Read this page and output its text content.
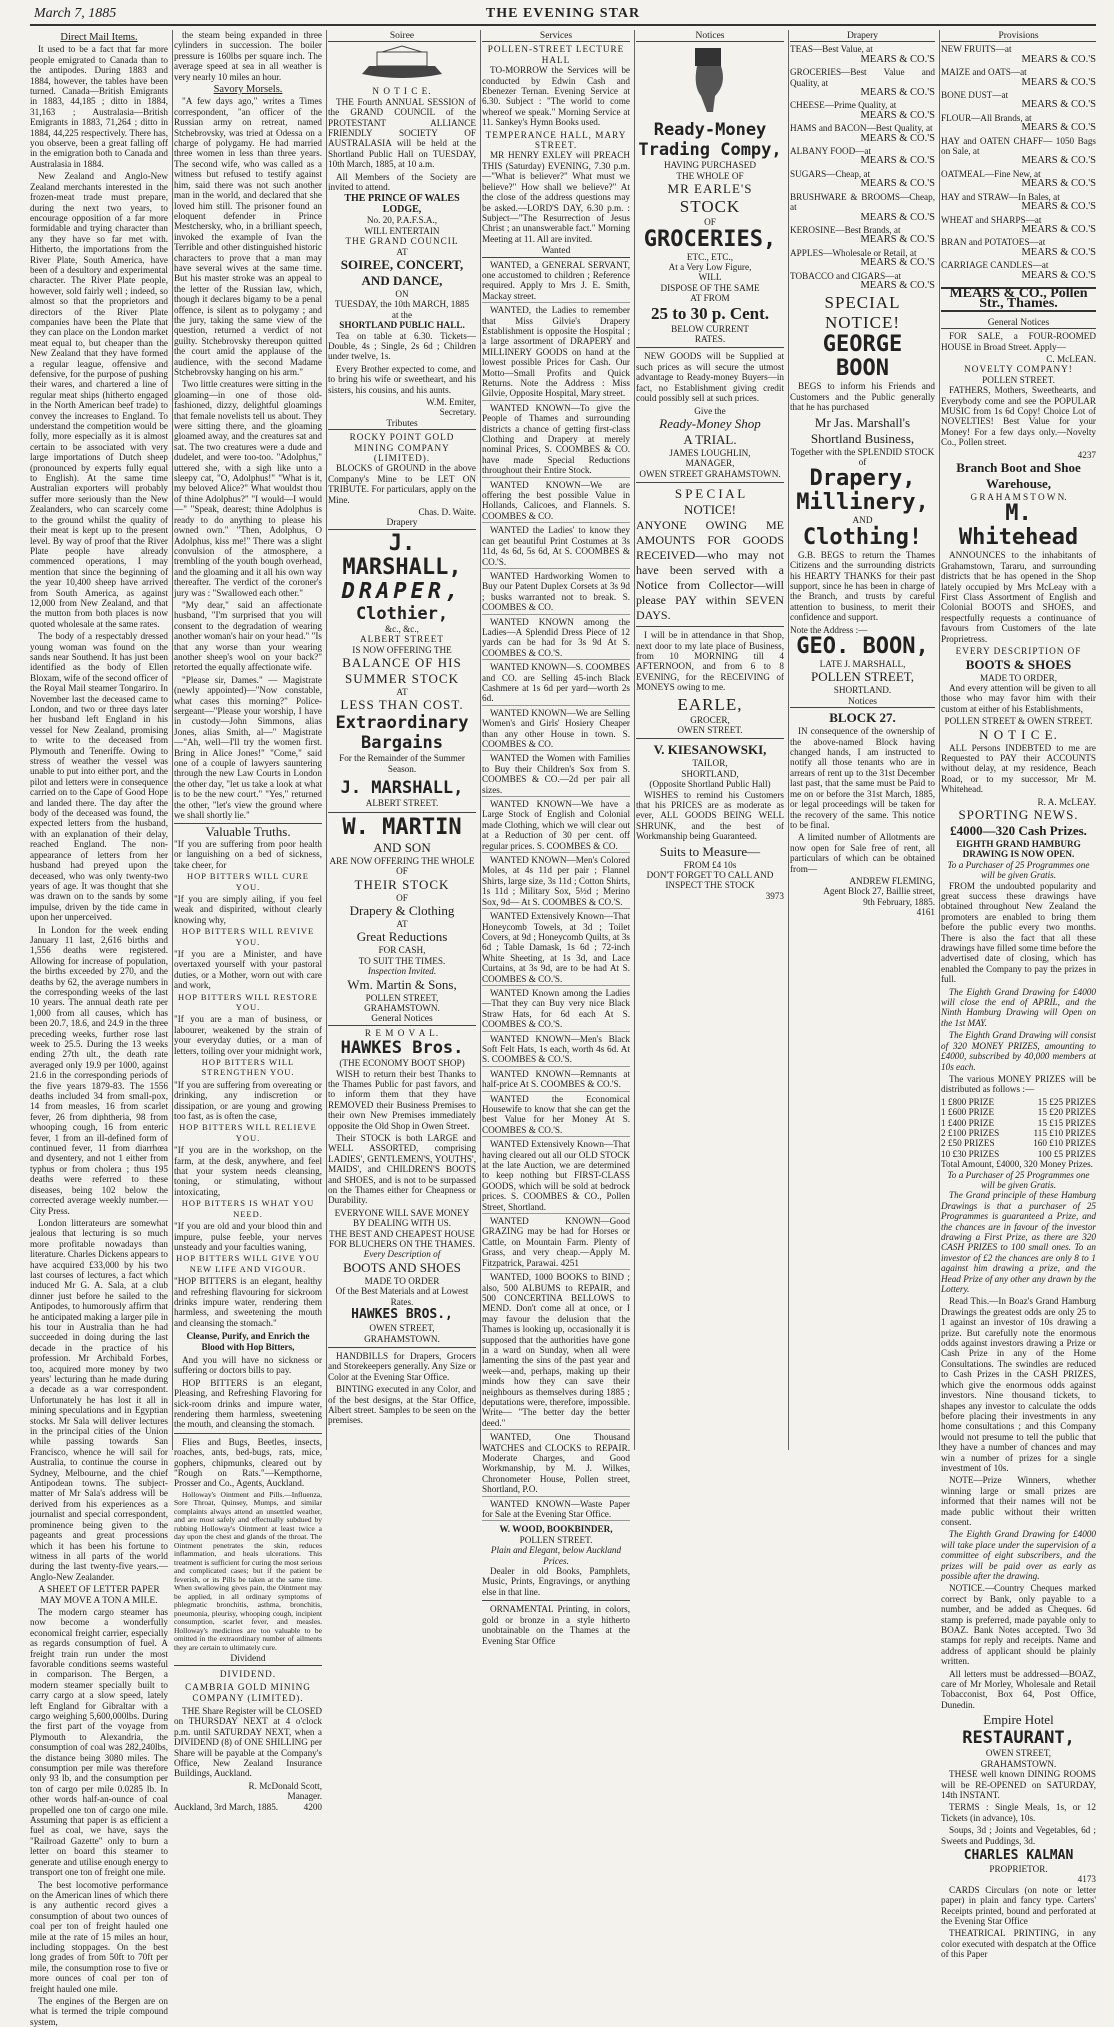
March 7, 1885	THE EVENING STAR
Direct Mail Items.

It used to be a fact that far more people emigrated to Canada than to the antipodes. During 1883 and 1884, however, the tables have been turned. Canada—British Emigrants in 1883, 44,185 ; ditto in 1884, 31,163 ; Australasia—British Emigrants in 1883, 71,264 ; ditto in 1884, 44,225 respectively. There has, you observe, been a great falling off in the emigration both to Canada and Australasia in 1884.

New Zealand and Anglo-New Zealand merchants interested in the frozen-meat trade must prepare, during the next two years, to encourage opposition of a far more formidable and trying character than any they have so far met with. Hitherto, the importations from the River Plate, South America, have been of a desultory and experimental character. The River Plate people, however, sold fairly well ; indeed, so almost so that the proprietors and directors of the River Plate companies have been the Plate that they can place on the London market meat equal to, but cheaper than the New Zealand that they have formed a regular league, offensive and defensive, for the purpose of pushing their wares, and chartered a line of regular meat ships (hitherto engaged in the North American beef trade) to convey the increases to England. To understand the competition would be folly, more especially as it is almost certain to be associated with very large importations of Dutch sheep (pronounced by experts fully equal to English). At the same time Australian exporters will probably suffer more seriously than the New Zealanders, who can scarcely come to the ground whilst the quality of their meat is kept up to the present level. By way of proof that the River Plate people have already commenced operations, I may mention that since the beginning of the year 10,400 sheep have arrived from South America, as against 12,000 from New Zealand, and that the mutton from both places is now quoted wholesale at the same rates.

The body of a respectably dressed young woman was found on the sands near Southend. It has just been identified as the body of Ellen Bloxam, wife of the second officer of the Royal Mail steamer Tongariro. In November last the deceased came to London, and two or three days later her husband left England in his vessel for New Zealand, promising to write to the deceased from Plymouth and Teneriffe. Owing to stress of weather the vessel was unable to put into either port, and the pilot and letters were in consequence carried on to the Cape of Good Hope and landed there. The day after the body of the deceased was found, the expected letters from the husband, with an explanation of their delay, reached England. The non-appearance of letters from her husband had preyed upon the deceased, who was only twenty-two years of age. It was thought that she was drawn on to the sands by some impulse, driven by the tide came in upon her unperceived.

In London for the week ending January 11 last, 2,616 births and 1,556 deaths were registered. Allowing for increase of population, the births exceeded by 270, and the deaths by 62, the average numbers in the corresponding weeks of the last 10 years. The annual death rate per 1,000 from all causes, which has been 20.7, 18.6, and 24.9 in the three preceding weeks, further rose last week to 25.5. During the 13 weeks ending 27th ult., the death rate averaged only 19.9 per 1000, against 21.6 in the corresponding periods of the five years 1879-83. The 1556 deaths included 34 from small-pox, 14 from measles, 16 from scarlet fever, 26 from diphtheria, 98 from whooping cough, 16 from enteric fever, 1 from an ill-defined form of continued fever, 11 from diarrhœa and dysentery, and not 1 either from typhus or from cholera ; thus 195 deaths were referred to these diseases, being 102 below the corrected average weekly number.—City Press.

London litterateurs are somewhat jealous that lecturing is so much more profitable nowadays than literature. Charles Dickens appears to have acquired £33,000 by his two last courses of lectures, a fact which induced Mr G. A. Sala, at a club dinner just before he sailed to the Antipodes, to humorously affirm that he anticipated making a larger pile in his tour in Australia than he had succeeded in doing during the last decade in the practice of his profession. Mr Archibald Forbes, too, acquired more money by two years' lecturing than he made during a decade as a war correspondent. Unfortunately he has lost it all in mining speculations and in Egyptian stocks. Mr Sala will deliver lectures in the principal cities of the Union while passing towards San Francisco, whence he will sail for Australia, to continue the course in Sydney, Melbourne, and the chief Antipodean towns. The subject-matter of Mr Sala's address will be derived from his experiences as a journalist and special correspondent, prominence being given to the pageants and great processions which it has been his fortune to witness in all parts of the world during the last twenty-five years.—Anglo-New Zealander.

A SHEET OF LETTER PAPER MAY MOVE A TON A MILE.

The modern cargo steamer has now become a wonderfully economical freight carrier, especially as regards consumption of fuel. A freight train run under the most favorable conditions seems wasteful in comparison. The Bergen, a modern steamer specially built to carry cargo at a slow speed, lately left England for Gibraltar with a cargo weighing 5,600,000lbs. During the first part of the voyage from Plymouth to Alexandria, the consumption of coal was 282,240lbs, the distance being 3080 miles. The consumption per mile was therefore only 93 lb, and the consumption per ton of cargo per mile 0.0285 lb. In other words half-an-ounce of coal propelled one ton of cargo one mile. Assuming that paper is as efficient a fuel as coal, we have, says the "Railroad Gazette" only to burn a letter on board this steamer to generate and utilise enough energy to transport one ton of freight one mile.

The best locomotive performance on the American lines of which there is any authentic record gives a consumption of about two ounces of coal per ton of freight hauled one mile at the rate of 15 miles an hour, including stoppages. On the best long grades of from 50ft to 70ft per mile, the consumption rose to five or more ounces of coal per ton of freight hauled one mile.

The engines of the Bergen are on what is termed the triple compound system,

the steam being expanded in three cylinders in succession. The boiler pressure is 160lbs per square inch. The average speed at sea in all weather is very nearly 10 miles an hour.

Savory Morsels.

"A few days ago," writes a Times correspondent, "an officer of the Russian army on retreat, named Stchebrovsky, was tried at Odessa on a charge of polygamy. He had married three women in less than three years. The second wife, who was called as a witness but refused to testify against him, said there was not such another man in the world, and declared that she loved him still. The prisoner found an eloquent defender in Prince Mestchersky, who, in a brilliant speech, invoked the example of Ivan the Terrible and other distinguished historic characters to prove that a man may have several wives at the same time. But his master stroke was an appeal to the letter of the Russian law, which, though it declares bigamy to be a penal offence, is silent as to polygamy ; and the jury, taking the same view of the question, returned a verdict of not guilty. Stchebrovsky thereupon quitted the court amid the applause of the audience, with the second Madame Stchebrovsky hanging on his arm."

Two little creatures were sitting in the gloaming—in one of those old-fashioned, dizzy, delightful gloamings that female novelists tell us about. They were sitting there, and the gloaming gloamed away, and the creatures sat and sat. The two creatures were a dude and dudelet, and were too-too. "Adolphus," uttered she, with a sigh like unto a sleepy cat, "O, Adolphus!" "What is it, my beloved Alice?" What wouldst thou of thine Adolphus?" "I would—I would—" "Speak, dearest; thine Adolphus is ready to do anything to please his owned own." "Then, Adolphus, O Adolphus, kiss me!" There was a slight convulsion of the atmosphere, a trembling of the youth bough overhead, and the gloaming and it all his own way thereafter. The verdict of the coroner's jury was : "Swallowed each other."

"My dear," said an affectionate husband, "I'm surprised that you will consent to the degradation of wearing another woman's hair on your head." "Is that any worse than your wearing another sheep's wool on your back?" retorted the equally affectionate wife.

"Please sir, Dames." — Magistrate (newly appointed)—"Now constable, what cases this morning?" Police-sergeant—"Please your worship, I have in custody—John Simmons, alias Jones, alias Smith, al—" Magistrate—"Ah, well—I'll try the women first. Bring in Alice Jones!" "Come," said one of a couple of lawyers sauntering through the new Law Courts in London the other day, "let us take a look at what is to be the new court." "Yes," returned the other, "let's view the ground where we shall shortly lie."

Valuable Truths.
"If you are suffering from poor health or languishing on a bed of sickness, take cheer, for
HOP BITTERS WILL CURE YOU.
"If you are simply ailing, if you feel weak and dispirited, without clearly knowing why,
HOP BITTERS WILL REVIVE YOU.
"If you are a Minister, and have overtaxed yourself with your pastoral duties, or a Mother, worn out with care and work,
HOP BITTERS WILL RESTORE YOU.
"If you are a man of business, or labourer, weakened by the strain of your everyday duties, or a man of letters, toiling over your midnight work,
HOP BITTERS WILL STRENGTHEN YOU.
"If you are suffering from overeating or drinking, any indiscretion or dissipation, or are young and growing too fast, as is often the case,
HOP BITTERS WILL RELIEVE YOU.
"If you are in the workshop, on the farm, at the desk, anywhere, and feel that your system needs cleansing, toning, or stimulating, without intoxicating,
HOP BITTERS IS WHAT YOU NEED.
"If you are old and your blood thin and impure, pulse feeble, your nerves unsteady and your faculties waning,
HOP BITTERS WILL GIVE YOU NEW LIFE AND VIGOUR.
"HOP BITTERS is an elegant, healthy and refreshing flavouring for sickroom drinks impure water, rendering them harmless, and sweetening the mouth and cleansing the stomach."
Cleanse, Purify, and Enrich the Blood with Hop Bitters,

And you will have no sickness or suffering or doctors bills to pay.

HOP BITTERS is an elegant, Pleasing, and Refreshing Flavoring for sick-room drinks and impure water, rendering them harmless, sweetening the mouth, and cleansing the stomach.

Flies and Bugs, Beetles, insects, roaches, ants, bed-bugs, rats, mice, gophers, chipmunks, cleared out by "Rough on Rats."—Kempthorne, Prosser and Co., Agents, Auckland.

Holloway's Ointment and Pills.—Influenza, Sore Throat, Quinsey, Mumps, and similar complaints always attend an unsettled weather, and are most safely and effectually subdued by rubbing Holloway's Ointment at least twice a day upon the chest and glands of the throat. The Ointment penetrates the skin, reduces inflammation, and heals ulcerations. This treatment is sufficient for curing the most serious and complicated cases; but if the patient be feverish, or its Pills be taken at the same time. When swallowing gives pain, the Ointment may be applied, in all ordinary symptoms of phlegmatic bronchitis, asthma, bronchitis, pneumonia, pleurisy, whooping cough, incipient consumption, scarlet fever, and measles. Holloway's medicines are too valuable to be omitted in the extraordinary number of ailments they are certain to ultimately cure.

Dividend
DIVIDEND.
CAMBRIA GOLD MINING COMPANY (LIMITED).

THE Share Register will be CLOSED on THURSDAY NEXT at 4 o'clock p.m. until SATURDAY NEXT, when a DIVIDEND (8) of ONE SHILLING per Share will be payable at the Company's Office, New Zealand Insurance Buildings, Auckland.

R. McDonald Scott,
Manager.
Auckland, 3rd March, 1885.	4200
Soiree
N O T I C E.

THE Fourth ANNUAL SESSION of the GRAND COUNCIL of the PROTESTANT ALLIANCE FRIENDLY SOCIETY OF AUSTRALASIA will be held at the Shortland Public Hall on TUESDAY, 10th March, 1885, at 10 a.m.

All Members of the Society are invited to attend.

THE PRINCE OF WALES LODGE,
No. 20, P.A.F.S.A.,
WILL ENTERTAIN
THE GRAND COUNCIL
AT
SOIREE, CONCERT, AND DANCE,
ON
TUESDAY, the 10th MARCH, 1885
at the
SHORTLAND PUBLIC HALL.

Tea on table at 6.30. Tickets—Double, 4s ; Single, 2s 6d ; Children under twelve, 1s.

Every Brother expected to come, and to bring his wife or sweetheart, and his sisters, his cousins, and his aunts.

W.M. Emiter,
Secretary.
Tributes
ROCKY POINT GOLD MINING COMPANY (LIMITED).

BLOCKS of GROUND in the above Company's Mine to be LET ON TRIBUTE. For particulars, apply on the Mine.

Chas. D. Waite.
Drapery
J. MARSHALL,
DRAPER,
Clothier,
&c., &c.,
ALBERT STREET
IS NOW OFFERING THE
BALANCE OF HIS
SUMMER STOCK
AT
LESS THAN COST.
Extraordinary
Bargains
For the Remainder of the Summer Season.
J. MARSHALL,
ALBERT STREET.
W. MARTIN
AND SON
ARE NOW OFFERING THE WHOLE OF
THEIR STOCK
OF
Drapery & Clothing
AT
Great Reductions
FOR CASH,
TO SUIT THE TIMES.
Inspection Invited.
Wm. Martin & Sons,
POLLEN STREET,
GRAHAMSTOWN.
General Notices
R E M O V A L.
HAWKES Bros.
(THE ECONOMY BOOT SHOP)

WISH to return their best Thanks to the Thames Public for past favors, and to inform them that they have REMOVED their Business Premises to their own New Premises immediately opposite the Old Shop in Owen Street.

Their STOCK is both LARGE and WELL ASSORTED, comprising LADIES', GENTLEMEN'S, YOUTHS', MAIDS', and CHILDREN'S BOOTS and SHOES, and is not to be surpassed on the Thames either for Cheapness or Durability.

EVERYONE WILL SAVE MONEY BY DEALING WITH US.
THE BEST AND CHEAPEST HOUSE FOR BLUCHERS ON THE THAMES.
Every Description of
BOOTS AND SHOES
MADE TO ORDER
Of the Best Materials and at Lowest Rates.
HAWKES BROS.,
OWEN STREET,
GRAHAMSTOWN.

HANDBILLS for Drapers, Grocers and Storekeepers generally. Any Size or Color at the Evening Star Office.

BINTING executed in any Color, and of the best designs, at the Star Office, Albert street. Samples to be seen on the premises.

Services
POLLEN-STREET LECTURE HALL

TO-MORROW the Services will be conducted by Edwin Cash and Ebenezer Ternan. Evening Service at 6.30. Subject : "The world to come whereof we speak." Morning Service at 11. Sankey's Hymn Books used.

TEMPERANCE HALL, MARY STREET.

MR HENRY EXLEY will PREACH THIS (Saturday) EVENING, 7.30 p.m.—"What is believer?" What must we believe?" How shall we believe?" At the close of the address questions may be asked.—LORD'S DAY, 6.30 p.m. : Subject—"The Resurrection of Jesus Christ ; an unanswerable fact." Morning Meeting at 11. All are invited.

Wanted

WANTED, a GENERAL SERVANT, one accustomed to children ; Reference required. Apply to Mrs J. E. Smith, Mackay street.

WANTED, the Ladies to remember that Miss Gilvie's Drapery Establishment is opposite the Hospital ; a large assortment of DRAPERY and MILLINERY GOODS on hand at the lowest possible Prices for Cash. Our Motto—Small Profits and Quick Returns. Note the Address : Miss Gilvie, Opposite Hospital, Mary street.

WANTED KNOWN—To give the People of Thames and surrounding districts a chance of getting first-class Clothing and Drapery at merely nominal Prices, S. COOMBES & CO. have made Special Reductions throughout their Entire Stock.

WANTED KNOWN—We are offering the best possible Value in Hollands, Calicoes, and Flannels. S. COOMBES & CO.

WANTED the Ladies' to know they can get beautiful Print Costumes at 3s 11d, 4s 6d, 5s 6d, At S. COOMBES & CO.'S.

WANTED Hardworking Women to Buy our Patent Duplex Corsets at 3s 9d ; busks warranted not to break. S. COOMBES & CO.

WANTED KNOWN among the Ladies—A Splendid Dress Piece of 12 yards can be had for 3s 9d At S. COOMBES & CO.'S.

WANTED KNOWN—S. COOMBES and CO. are Selling 45-inch Black Cashmere at 1s 6d per yard—worth 2s 6d.

WANTED KNOWN—We are Selling Women's and Girls' Hosiery Cheaper than any other House in town. S. COOMBES & CO.

WANTED the Women with Families to Buy their Children's Sox from S. COOMBES & CO.—2d per pair all sizes.

WANTED KNOWN—We have a Large Stock of English and Colonial made Clothing, which we will clear out at a Reduction of 30 per cent. off regular prices. S. COOMBES & CO.

WANTED KNOWN—Men's Colored Moles, at 4s 11d per pair ; Flannel Shirts, large size, 3s 11d ; Cotton Shirts, 1s 11d ; Military Sox, 5½d ; Merino Sox, 9d— At S. COOMBES & CO.'S.

WANTED Extensively Known—That Honeycomb Towels, at 3d ; Toilet Covers, at 9d ; Honeycomb Quilts, at 3s 6d ; Table Damask, 1s 6d ; 72-inch White Sheeting, at 1s 3d, and Lace Curtains, at 3s 9d, are to be had At S. COOMBES & CO.'S.

WANTED Known among the Ladies —That they can Buy very nice Black Straw Hats, for 6d each At S. COOMBES & CO.'S.

WANTED KNOWN—Men's Black Soft Felt Hats, 1s each, worth 4s 6d. At S. COOMBES & CO.'S.

WANTED KNOWN—Remnants at half-price At S. COOMBES & CO.'S.

WANTED the Economical Housewife to know that she can get the best Value for her Money At S. COOMBES & CO.'S.

WANTED Extensively Known—That having cleared out all our OLD STOCK at the late Auction, we are determined to keep nothing but FIRST-CLASS GOODS, which will be sold at bedrock prices. S. COOMBES & CO., Pollen Street, Shortland.

WANTED KNOWN—Good GRAZING may be had for Horses or Cattle, on Mountain Farm. Plenty of Grass, and very cheap.—Apply M. Fitzpatrick, Parawai. 4251

WANTED, 1000 BOOKS to BIND ; also, 500 ALBUMS to REPAIR, and 500 CONCERTINA BELLOWS to MEND. Don't come all at once, or I may favour the delusion that the Thames is looking up, occasionally it is supposed that the authorities have gone in a ward on Sunday, when all were lamenting the sins of the past year and week—and, perhaps, making up their minds how they can save their neighbours as themselves during 1885 ; deputations were, therefore, impossible. Write— "The better day the better deed."

WANTED, One Thousand WATCHES and CLOCKS to REPAIR. Moderate Charges, and Good Workmanship, by M. J. Wilkes, Chronometer House, Pollen street, Shortland, P.O.

WANTED KNOWN—Waste Paper for Sale at the Evening Star Office.

W. WOOD, BOOKBINDER,
POLLEN STREET.
Plain and Elegant, below Auckland Prices.

Dealer in old Books, Pamphlets, Music, Prints, Engravings, or anything else in that line.

ORNAMENTAL Printing, in colors, gold or bronze in a style hitherto unobtainable on the Thames at the Evening Star Office

Notices
Ready-Money
Trading Compy,
HAVING PURCHASED
THE WHOLE OF
MR EARLE'S
STOCK
OF
GROCERIES,
ETC., ETC.,
At a Very Low Figure,
WILL
DISPOSE OF THE SAME
AT FROM
25 to 30 p. Cent.
BELOW CURRENT
RATES.

NEW GOODS will be Supplied at such prices as will secure the utmost advantage to Ready-money Buyers—in fact, no Establishment giving credit could possibly sell at such prices.

Give the
Ready-Money Shop
A TRIAL.
JAMES LOUGHLIN,
MANAGER,
OWEN STREET GRAHAMSTOWN.
S P E C I A L
NOTICE!
ANYONE OWING ME AMOUNTS FOR GOODS RECEIVED—who may not have been served with a Notice from Collector—will please PAY within SEVEN DAYS.

I will be in attendance in that Shop, next door to my late place of Business, from 10 MORNING till 4 AFTERNOON, and from 6 to 8 EVENING, for the RECEIVING of MONEYS owing to me.

EARLE,
GROCER,
OWEN STREET.
V. KIESANOWSKI,
TAILOR,
SHORTLAND,
(Opposite Shortland Public Hall)

WISHES to remind his Customers that his PRICES are as moderate as ever, ALL GOODS BEING WELL SHRUNK, and the best of Workmanship being Guaranteed.

Suits to Measure—
FROM £4 10s
DON'T FORGET TO CALL AND INSPECT THE STOCK
3973
Drapery
TEAS—Best Value, at
MEARS & CO.'S
GROCERIES—Best Value and Quality, at
MEARS & CO.'S
CHEESE—Prime Quality, at
MEARS & CO.'S
HAMS and BACON—Best Quality, at
MEARS & CO.'S
ALBANY FOOD—at
MEARS & CO.'S
SUGARS—Cheap, at
MEARS & CO.'S
BRUSHWARE & BROOMS—Cheap, at
MEARS & CO.'S
KEROSINE—Best Brands, at
MEARS & CO.'S
APPLES—Wholesale or Retail, at
MEARS & CO.'S
TOBACCO and CIGARS—at
MEARS & CO.'S
SPECIAL
NOTICE!
GEORGE BOON

BEGS to inform his Friends and Customers and the Public generally that he has purchased

Mr Jas. Marshall's
Shortland Business,
Together with the SPLENDID STOCK of
Drapery,
Millinery,
AND
Clothing!

G.B. BEGS to return the Thames Citizens and the surrounding districts his HEARTY THANKS for their past support, since he has been in charge of the Branch, and trusts by careful attention to business, to merit their confidence and support.

Note the Address :—
GEO. BOON,
LATE J. MARSHALL,
POLLEN STREET,
SHORTLAND.
Notices
BLOCK 27.

IN consequence of the ownership of the above-named Block having changed hands, I am instructed to notify all those tenants who are in arrears of rent up to the 31st December last past, that the same must be Paid to me on or before the 31st March, 1885, or legal proceedings will be taken for the recovery of the same. This notice to be final.

A limited number of Allotments are now open for Sale free of rent, all particulars of which can be obtained from—

ANDREW FLEMING,
Agent Block 27, Baillie street,
9th February, 1885.
4161
Provisions
NEW FRUITS—at
MEARS & CO.'S
MAIZE and OATS—at
MEARS & CO.'S
BONE DUST—at
MEARS & CO.'S
FLOUR—All Brands, at
MEARS & CO.'S
HAY and OATEN CHAFF— 1050 Bags on Sale, at
MEARS & CO.'S
OATMEAL—Fine New, at
MEARS & CO.'S
HAY and STRAW—In Bales, at
MEARS & CO.'S
WHEAT and SHARPS—at
MEARS & CO.'S
BRAN and POTATOES—at
MEARS & CO.'S
CARRIAGE CANDLES—at
MEARS & CO.'S
MEARS & CO., Pollen Str., Thames.
General Notices

FOR SALE, a FOUR-ROOMED HOUSE in Broad Street. Apply—

C. McLEAN.
NOVELTY COMPANY!
POLLEN STREET.

FATHERS, Mothers, Sweethearts, and Everybody come and see the POPULAR MUSIC from 1s 6d Copy! Choice Lot of NOVELTIES! Best Value for your Money! For a few days only.—Novelty Co., Pollen street.

4237
Branch Boot and Shoe
Warehouse,
G R A H A M S T O W N.
M. Whitehead

ANNOUNCES to the inhabitants of Grahamstown, Tararu, and surrounding districts that he has opened in the Shop lately occupied by Mrs McLeay with a First Class Assortment of English and Colonial BOOTS and SHOES, and respectfully requests a continuance of favours from Customers of the late Proprietress.

EVERY DESCRIPTION OF
BOOTS & SHOES
MADE TO ORDER,

And every attention will be given to all those who may favor him with their custom at either of his Establishments,

POLLEN STREET & OWEN STREET.
N O T I C E.

ALL Persons INDEBTED to me are Requested to PAY their ACCOUNTS without delay, at my residence, Beach Road, or to my successor, Mr M. Whitehead.

R. A. McLEAY.
SPORTING NEWS.
£4000—320 Cash Prizes.
EIGHTH GRAND HAMBURG
DRAWING IS NOW OPEN.
To a Purchaser of 25 Programmes one will be given Gratis.

FROM the undoubted popularity and great success these drawings have obtained throughout New Zealand the promoters are enabled to bring them before the public every two months. There is also the fact that all these drawings have filled some time before the advertised date of closing, which has enabled the Company to pay the prizes in full.

The Eighth Grand Drawing for £4000 will close the end of APRIL, and the Ninth Hamburg Drawing will Open on the 1st MAY.

The Eighth Grand Drawing will consist of 320 MONEY PRIZES, amounting to £4000, subscribed by 40,000 members at 10s each.

The various MONEY PRIZES will be distributed as follows :—

1 £800 PRIZE	15 £25 PRIZES
1 £600 PRIZE	15 £20 PRIZES
1 £400 PRIZE	15 £15 PRIZES
2 £100 PRIZES	115 £10 PRIZES
2 £50 PRIZES	160 £10 PRIZES
10 £30 PRIZES	100 £5 PRIZES
Total Amount, £4000, 320 Money Prizes.
To a Purchaser of 25 Programmes one will be given Gratis.

The Grand principle of these Hamburg Drawings is that a purchaser of 25 Programmes is guaranteed a Prize, and the chances are in favour of the investor drawing a First Prize, as there are 320 CASH PRIZES to 100 small ones. To an investor of £2 the chances are only 8 to 1 against him drawing a prize, and the Head Prize of any other any drawn by the Lottery.

Read This.—In Boaz's Grand Hamburg Drawings the greatest odds are only 25 to 1 against an investor of 10s drawing a prize. But carefully note the enormous odds against investors drawing a Prize or Cash Prize in any of the Home Consultations. The swindles are reduced to Cash Prizes in the CASH PRIZES, which give the enormous odds against investors. Nine thousand tickets, to shapes any investor to calculate the odds before placing their investments in any home consultations ; and this Company would not presume to tell the public that they have a number of chances and may win a number of prizes for a single investment of 10s.

NOTE—Prize Winners, whether winning large or small prizes are informed that their names will not be made public without their written consent.

The Eighth Grand Drawing for £4000 will take place under the supervision of a committee of eight subscribers, and the prizes will be paid over as early as possible after the drawing.

NOTICE.—Country Cheques marked correct by Bank, only payable to a number, and be added as Cheques. 6d stamp is preferred, made payable only to BOAZ. Bank Notes accepted. Two 3d stamps for reply and receipts. Name and address of applicant should be plainly written.

All letters must be addressed—BOAZ, care of Mr Morley, Wholesale and Retail Tobacconist, Box 64, Post Office, Dunedin.

Empire Hotel
RESTAURANT,
OWEN STREET,
GRAHAMSTOWN.

THESE well known DINING ROOMS will be RE-OPENED on SATURDAY, 14th INSTANT.

TERMS : Single Meals, 1s, or 12 Tickets (in advance), 10s.

Soups, 3d ; Joints and Vegetables, 6d ; Sweets and Puddings, 3d.

CHARLES KALMAN
PROPRIETOR.
4173

CARDS Circulars (on note or letter paper) in plain and fancy type. Carters' Receipts printed, bound and perforated at the Evening Star Office

THEATRICAL PRINTING, in any color executed with despatch at the Office of this Paper
